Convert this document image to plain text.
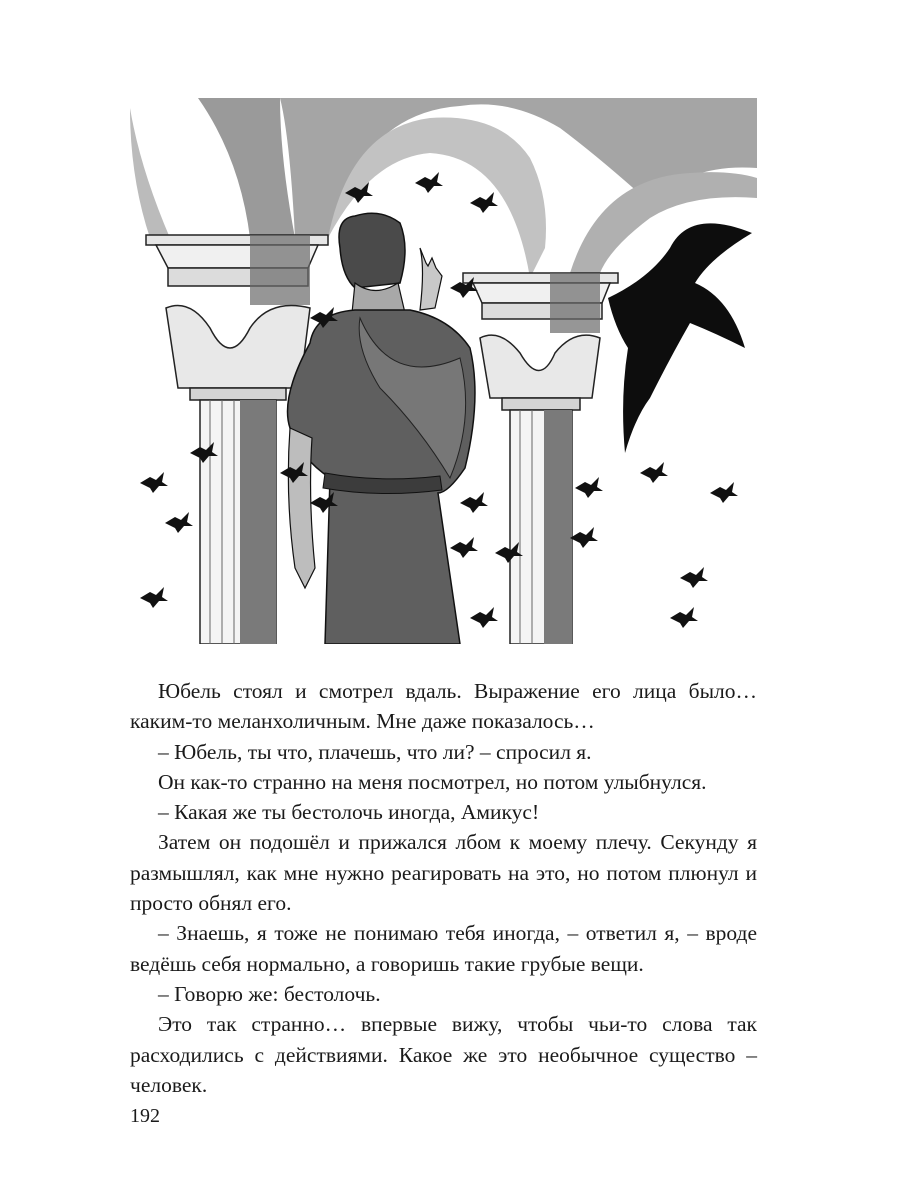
Юбель стоял и смотрел вдаль. Выражение его лица было… каким-то меланхоличным. Мне даже показалось…

– Юбель, ты что, плачешь, что ли? – спросил я.

Он как-то странно на меня посмотрел, но потом улыбнулся.

– Какая же ты бестолочь иногда, Амикус!

Затем он подошёл и прижался лбом к моему плечу. Секунду я размышлял, как мне нужно реагировать на это, но потом плюнул и просто обнял его.

– Знаешь, я тоже не понимаю тебя иногда, – ответил я, – вроде ведёшь себя нормально, а говоришь такие грубые вещи.

– Говорю же: бестолочь.

Это так странно… впервые вижу, чтобы чьи-то слова так расходились с действиями. Какое же это необычное существо – человек.

192
